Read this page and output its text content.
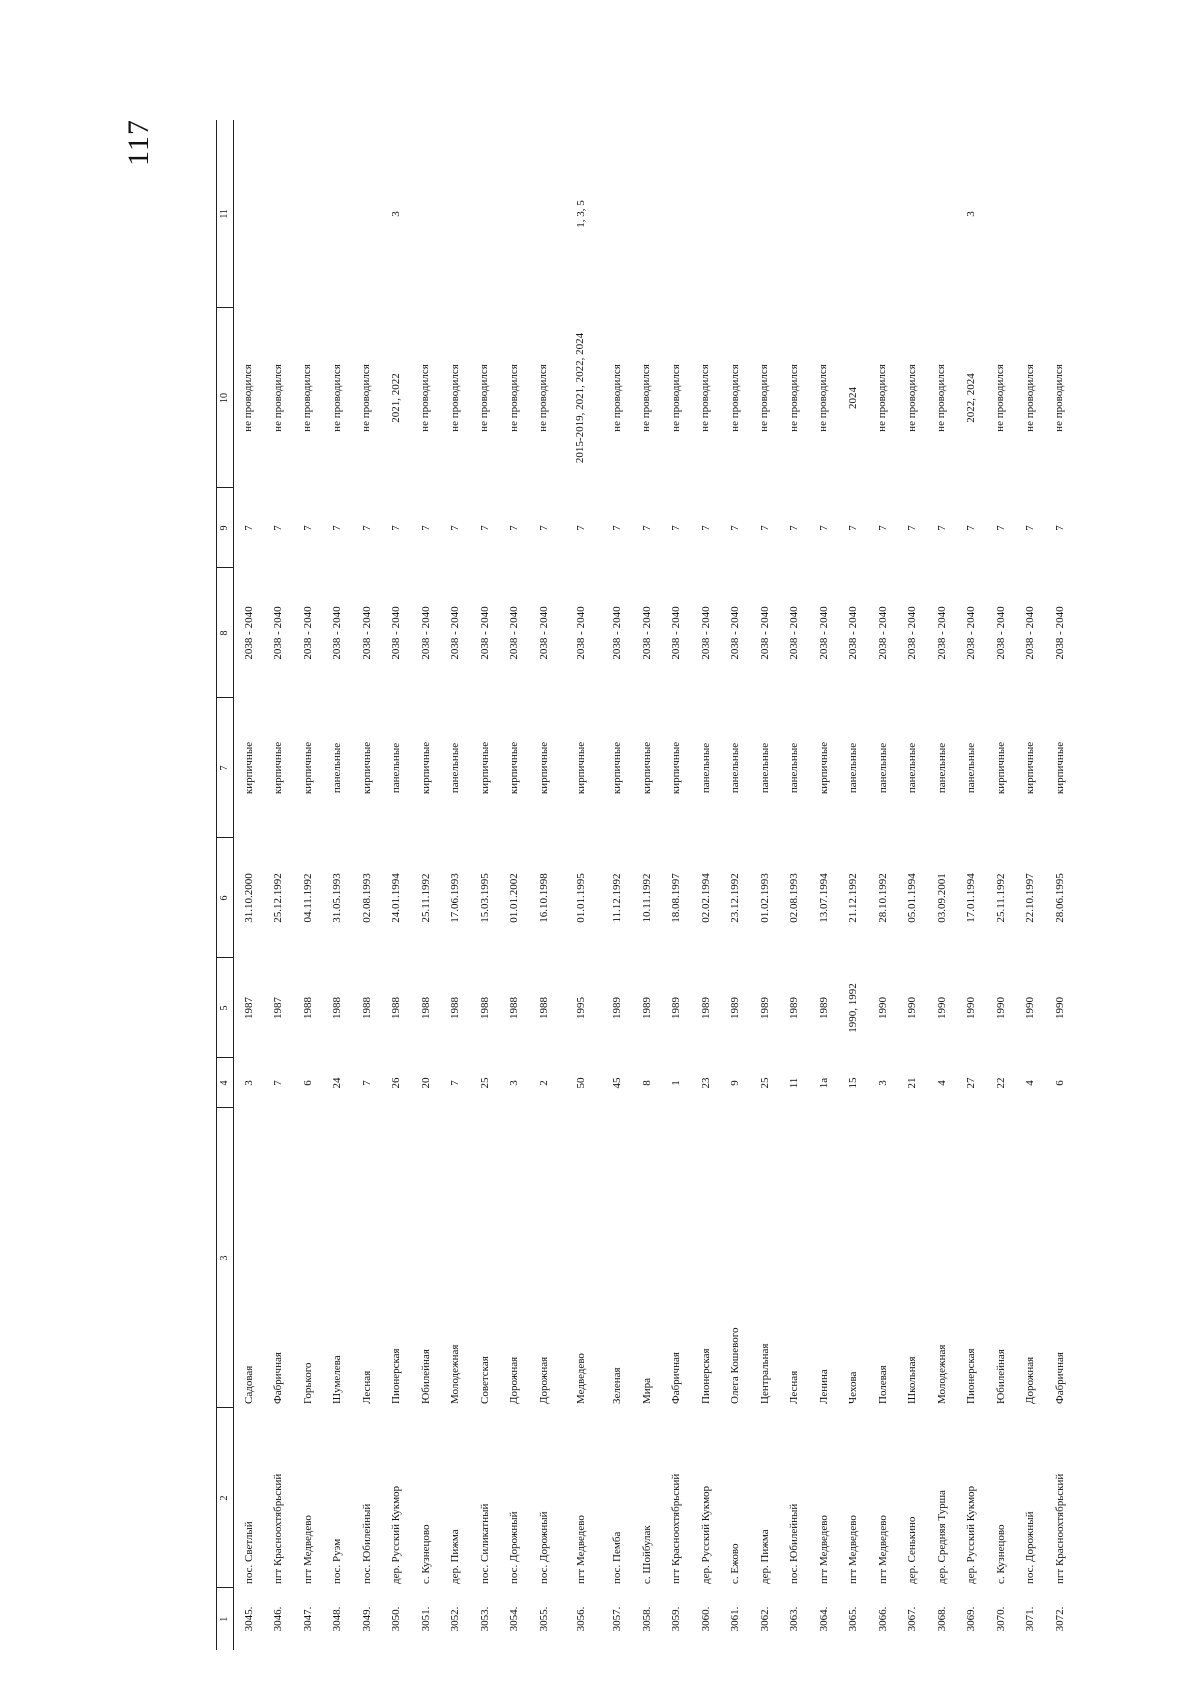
117
1	2	3	4	5	6	7	8	9	10	11
3045.	пос. Светлый	Садовая	3	1987	31.10.2000	кирпичные	2038 - 2040	7	не проводился	
3046.	пгт Красноохтябрьский	Фабричная	7	1987	25.12.1992	кирпичные	2038 - 2040	7	не проводился	
3047.	пгт Медведево	Горького	6	1988	04.11.1992	кирпичные	2038 - 2040	7	не проводился	
3048.	пос. Руэм	Шумелева	24	1988	31.05.1993	панельные	2038 - 2040	7	не проводился	
3049.	пос. Юбилейный	Лесная	7	1988	02.08.1993	кирпичные	2038 - 2040	7	не проводился	
3050.	дер. Русский Кукмор	Пионерская	26	1988	24.01.1994	панельные	2038 - 2040	7	2021, 2022	3
3051.	с. Кузнецово	Юбилейная	20	1988	25.11.1992	кирпичные	2038 - 2040	7	не проводился	
3052.	дер. Пижма	Молодежная	7	1988	17.06.1993	панельные	2038 - 2040	7	не проводился	
3053.	пос. Силикатный	Советская	25	1988	15.03.1995	кирпичные	2038 - 2040	7	не проводился	
3054.	пос. Дорожный	Дорожная	3	1988	01.01.2002	кирпичные	2038 - 2040	7	не проводился	
3055.	пос. Дорожный	Дорожная	2	1988	16.10.1998	кирпичные	2038 - 2040	7	не проводился	
3056.	пгт Медведево	Медведево	50	1995	01.01.1995	кирпичные	2038 - 2040	7	2015-2019, 2021, 2022, 2024	1, 3, 5
3057.	пос. Пемба	Зеленая	45	1989	11.12.1992	кирпичные	2038 - 2040	7	не проводился	
3058.	с. Шойбулак	Мира	8	1989	10.11.1992	кирпичные	2038 - 2040	7	не проводился	
3059.	пгт Красноохтябрьский	Фабричная	1	1989	18.08.1997	кирпичные	2038 - 2040	7	не проводился	
3060.	дер. Русский Кукмор	Пионерская	23	1989	02.02.1994	панельные	2038 - 2040	7	не проводился	
3061.	с. Ежово	Олега Кошевого	9	1989	23.12.1992	панельные	2038 - 2040	7	не проводился	
3062.	дер. Пижма	Центральная	25	1989	01.02.1993	панельные	2038 - 2040	7	не проводился	
3063.	пос. Юбилейный	Лесная	11	1989	02.08.1993	панельные	2038 - 2040	7	не проводился	
3064.	пгт Медведево	Ленина	1а	1989	13.07.1994	кирпичные	2038 - 2040	7	не проводился	
3065.	пгт Медведево	Чехова	15	1990, 1992	21.12.1992	панельные	2038 - 2040	7	2024	
3066.	пгт Медведево	Полевая	3	1990	28.10.1992	панельные	2038 - 2040	7	не проводился	
3067.	дер. Сенькино	Школьная	21	1990	05.01.1994	панельные	2038 - 2040	7	не проводился	
3068.	дер. Средняя Турша	Молодежная	4	1990	03.09.2001	панельные	2038 - 2040	7	не проводился	
3069.	дер. Русский Кукмор	Пионерская	27	1990	17.01.1994	панельные	2038 - 2040	7	2022, 2024	3
3070.	с. Кузнецово	Юбилейная	22	1990	25.11.1992	кирпичные	2038 - 2040	7	не проводился	
3071.	пос. Дорожный	Дорожная	4	1990	22.10.1997	кирпичные	2038 - 2040	7	не проводился	
3072.	пгт Красноохтябрьский	Фабричная	6	1990	28.06.1995	кирпичные	2038 - 2040	7	не проводился	
